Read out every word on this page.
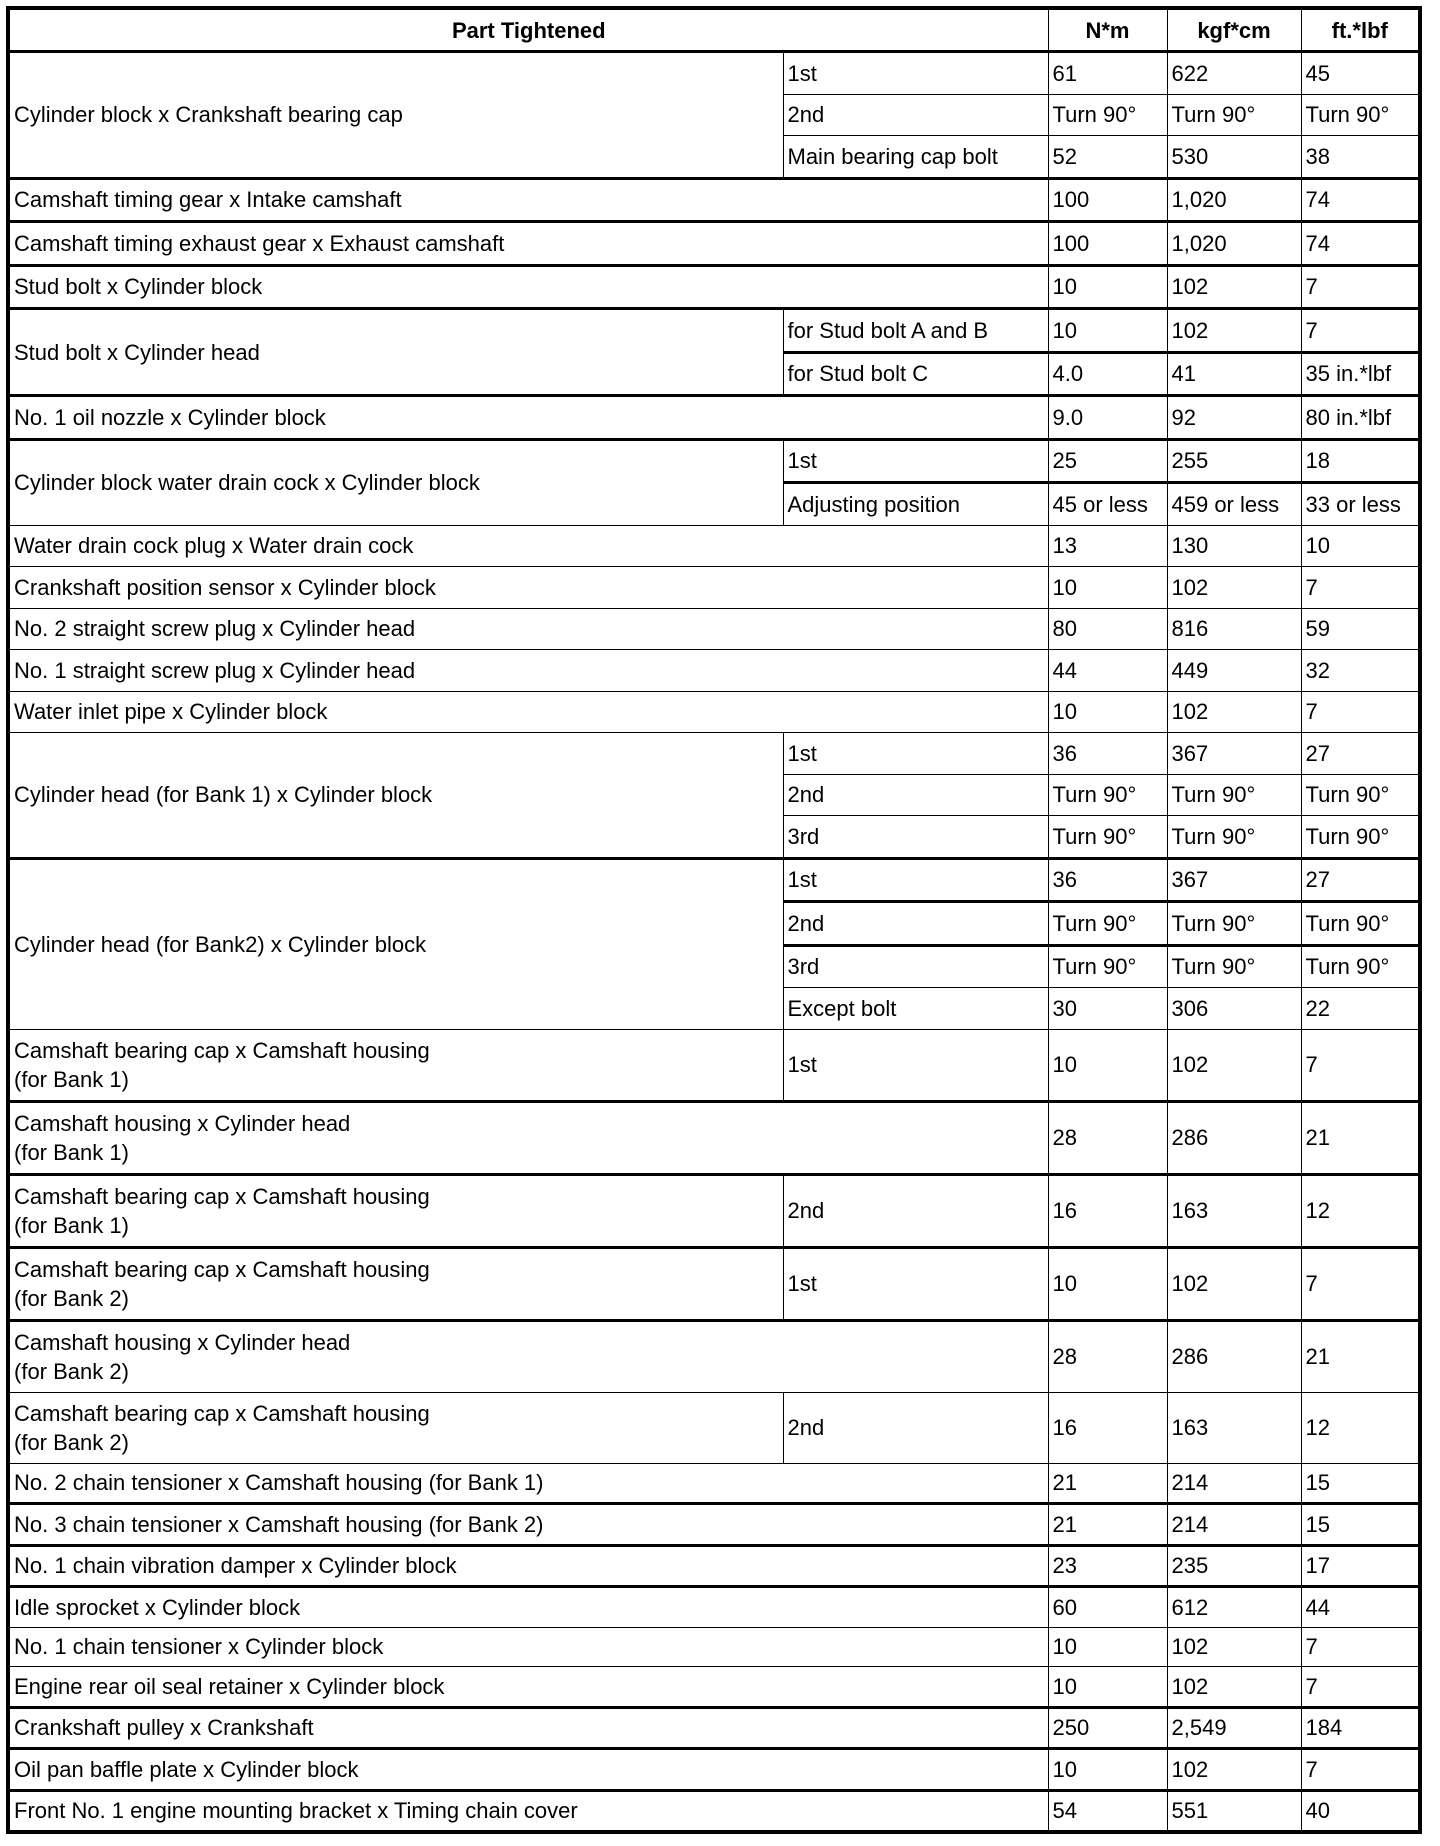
Part Tightened		N*m	kgf*cm	ft.*lbf
Cylinder block x Crankshaft bearing cap	1st	61	622	45
	2nd	Turn 90°	Turn 90°	Turn 90°
	Main bearing cap bolt	52	530	38
Camshaft timing gear x Intake camshaft		100	1,020	74
Camshaft timing exhaust gear x Exhaust camshaft		100	1,020	74
Stud bolt x Cylinder block		10	102	7
Stud bolt x Cylinder head	for Stud bolt A and B	10	102	7
	for Stud bolt C	4.0	41	35 in.*lbf
No. 1 oil nozzle x Cylinder block		9.0	92	80 in.*lbf
Cylinder block water drain cock x Cylinder block	1st	25	255	18
	Adjusting position	45 or less	459 or less	33 or less
Water drain cock plug x Water drain cock		13	130	10
Crankshaft position sensor x Cylinder block		10	102	7
No. 2 straight screw plug x Cylinder head		80	816	59
No. 1 straight screw plug x Cylinder head		44	449	32
Water inlet pipe x Cylinder block		10	102	7
Cylinder head (for Bank 1) x Cylinder block	1st	36	367	27
	2nd	Turn 90°	Turn 90°	Turn 90°
	3rd	Turn 90°	Turn 90°	Turn 90°
Cylinder head (for Bank2) x Cylinder block	1st	36	367	27
	2nd	Turn 90°	Turn 90°	Turn 90°
	3rd	Turn 90°	Turn 90°	Turn 90°
	Except bolt	30	306	22
Camshaft bearing cap x Camshaft housing
(for Bank 1)	1st	10	102	7
Camshaft housing x Cylinder head
(for Bank 1)		28	286	21
Camshaft bearing cap x Camshaft housing
(for Bank 1)	2nd	16	163	12
Camshaft bearing cap x Camshaft housing
(for Bank 2)	1st	10	102	7
Camshaft housing x Cylinder head
(for Bank 2)		28	286	21
Camshaft bearing cap x Camshaft housing
(for Bank 2)	2nd	16	163	12
No. 2 chain tensioner x Camshaft housing (for Bank 1)		21	214	15
No. 3 chain tensioner x Camshaft housing (for Bank 2)		21	214	15
No. 1 chain vibration damper x Cylinder block		23	235	17
Idle sprocket x Cylinder block		60	612	44
No. 1 chain tensioner x Cylinder block		10	102	7
Engine rear oil seal retainer x Cylinder block		10	102	7
Crankshaft pulley x Crankshaft		250	2,549	184
Oil pan baffle plate x Cylinder block		10	102	7
Front No. 1 engine mounting bracket x Timing chain cover		54	551	40
